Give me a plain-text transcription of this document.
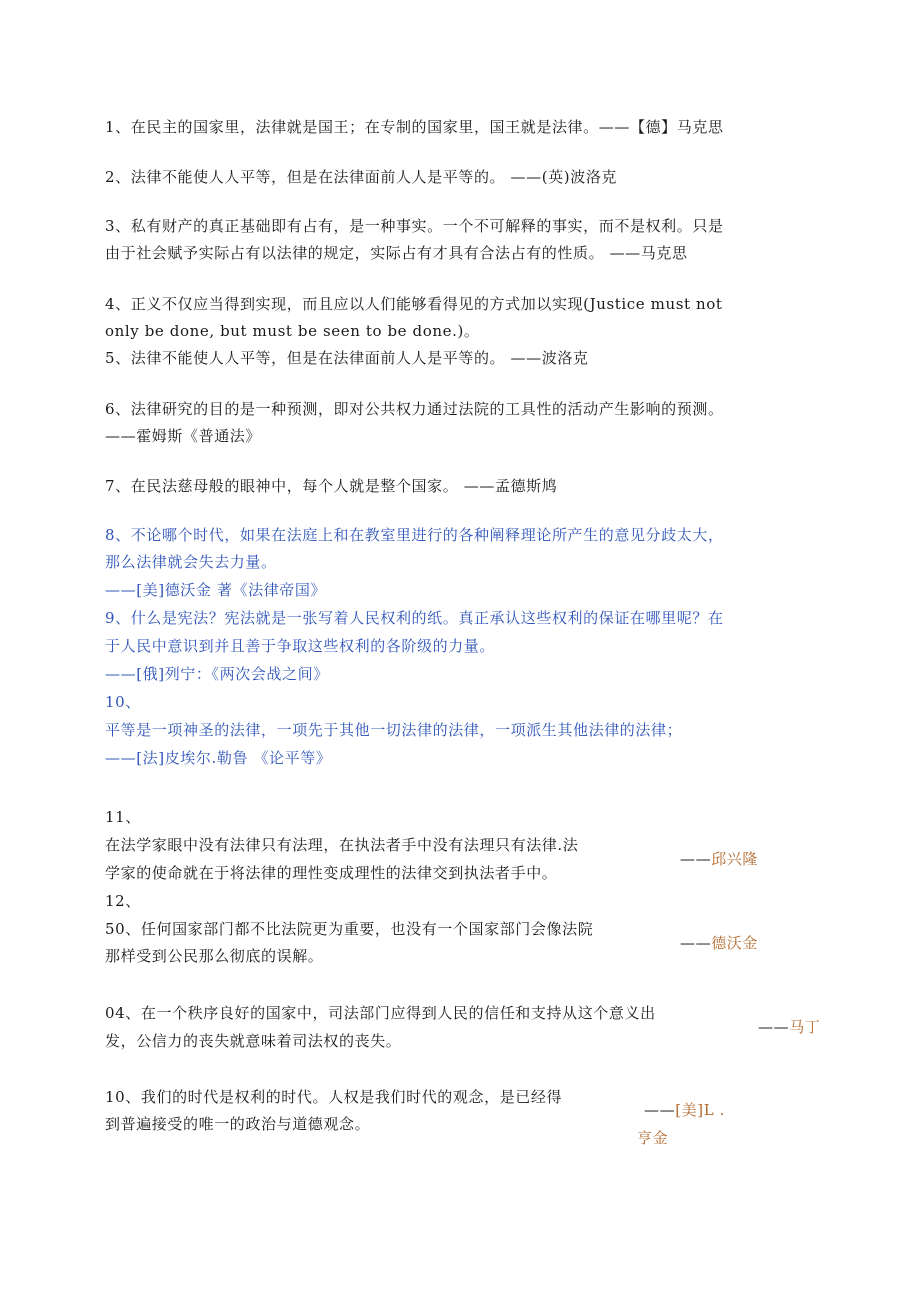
1、在民主的国家里，法律就是国王；在专制的国家里，国王就是法律。——【德】马克思
2、法律不能使人人平等，但是在法律面前人人是平等的。 ——(英)波洛克
3、私有财产的真正基础即有占有，是一种事实。一个不可解释的事实，而不是权利。只是
由于社会赋予实际占有以法律的规定，实际占有才具有合法占有的性质。 ——马克思
4、正义不仅应当得到实现，而且应以人们能够看得见的方式加以实现(Justice must not
only be done, but must be seen to be done.)。
5、法律不能使人人平等，但是在法律面前人人是平等的。 ——波洛克
6、法律研究的目的是一种预测，即对公共权力通过法院的工具性的活动产生影响的预测。
——霍姆斯《普通法》
7、在民法慈母般的眼神中，每个人就是整个国家。 ——孟德斯鸠
8、不论哪个时代，如果在法庭上和在教室里进行的各种阐释理论所产生的意见分歧太大，
那么法律就会失去力量。
——[美]德沃金 著《法律帝国》
9、什么是宪法？宪法就是一张写着人民权利的纸。真正承认这些权利的保证在哪里呢？在
于人民中意识到并且善于争取这些权利的各阶级的力量。
——[俄]列宁：《两次会战之间》
10、
平等是一项神圣的法律，一项先于其他一切法律的法律，一项派生其他法律的法律；
——[法]皮埃尔.勒鲁 《论平等》
11、
在法学家眼中没有法律只有法理，在执法者手中没有法理只有法律.法
学家的使命就在于将法律的理性变成理性的法律交到执法者手中。
——邱兴隆
12、
50、任何国家部门都不比法院更为重要，也没有一个国家部门会像法院
那样受到公民那么彻底的误解。
——德沃金
04、在一个秩序良好的国家中，司法部门应得到人民的信任和支持从这个意义出
发，公信力的丧失就意味着司法权的丧失。
——马丁
10、我们的时代是权利的时代。人权是我们时代的观念，是已经得
到普遍接受的唯一的政治与道德观念。
——[美]L .
亨金
